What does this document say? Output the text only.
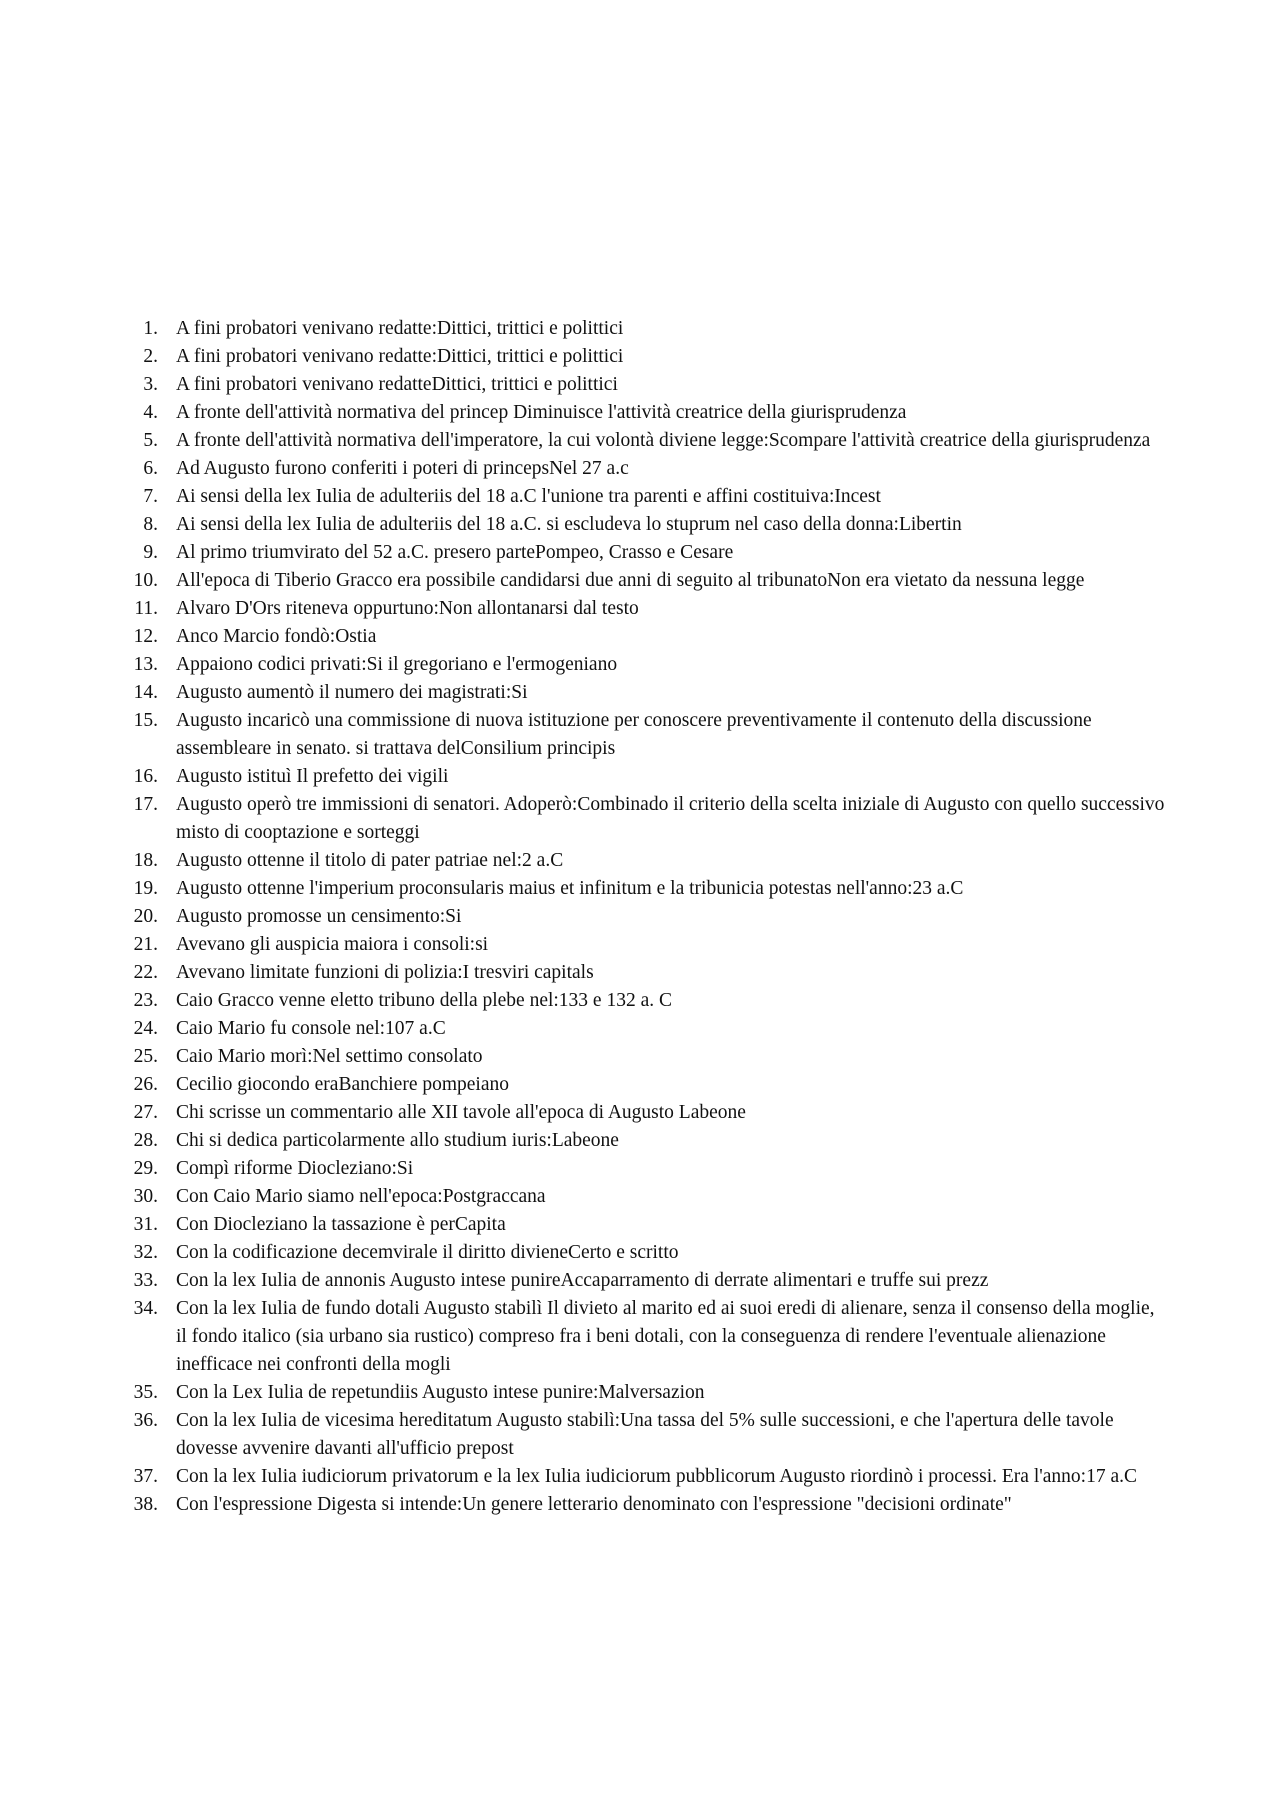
1. A fini probatori venivano redatte:Dittici, trittici e polittici
2. A fini probatori venivano redatte:Dittici, trittici e polittici
3. A fini probatori venivano redatteDittici, trittici e polittici
4. A fronte dell'attività normativa del princep Diminuisce l'attività creatrice della giurisprudenza
5. A fronte dell'attività normativa dell'imperatore, la cui volontà diviene legge:Scompare l'attività creatrice della giurisprudenza
6. Ad Augusto furono conferiti i poteri di princepsNel 27 a.c
7. Ai sensi della lex Iulia de adulteriis del 18 a.C l'unione tra parenti e affini costituiva:Incest
8. Ai sensi della lex Iulia de adulteriis del 18 a.C. si escludeva lo stuprum nel caso della donna:Libertin
9. Al primo triumvirato del 52 a.C. presero partePompeo, Crasso e Cesare
10. All'epoca di Tiberio Gracco era possibile candidarsi due anni di seguito al tribunatoNon era vietato da nessuna legge
11. Alvaro D'Ors riteneva oppurtuno:Non allontanarsi dal testo
12. Anco Marcio fondò:Ostia
13. Appaiono codici privati:Si il gregoriano e l'ermogeniano
14. Augusto aumentò il numero dei magistrati:Si
15. Augusto incaricò una commissione di nuova istituzione per conoscere preventivamente il contenuto della discussione assembleare in senato. si trattava delConsilium principis
16. Augusto istituì Il prefetto dei vigili
17. Augusto operò tre immissioni di senatori. Adoperò:Combinado il criterio della scelta iniziale di Augusto con quello successivo misto di cooptazione e sorteggi
18. Augusto ottenne il titolo di pater patriae nel:2 a.C
19. Augusto ottenne l'imperium proconsularis maius et infinitum e la tribunicia potestas nell'anno:23 a.C
20. Augusto promosse un censimento:Si
21. Avevano gli auspicia maiora i consoli:si
22. Avevano limitate funzioni di polizia:I tresviri capitals
23. Caio Gracco venne eletto tribuno della plebe nel:133 e 132 a. C
24. Caio Mario fu console nel:107 a.C
25. Caio Mario morì:Nel settimo consolato
26. Cecilio giocondo eraBanchiere pompeiano
27. Chi scrisse un commentario alle XII tavole all'epoca di Augusto Labeone
28. Chi si dedica particolarmente allo studium iuris:Labeone
29. Compì riforme Diocleziano:Si
30. Con Caio Mario siamo nell'epoca:Postgraccana
31. Con Diocleziano la tassazione è perCapita
32. Con la codificazione decemvirale il diritto divieneCerto e scritto
33. Con la lex Iulia de annonis Augusto intese punireAccaparramento di derrate alimentari e truffe sui prezz
34. Con la lex Iulia de fundo dotali Augusto stabilì Il divieto al marito ed ai suoi eredi di alienare, senza il consenso della moglie, il fondo italico (sia urbano sia rustico) compreso fra i beni dotali, con la conseguenza di rendere l'eventuale alienazione inefficace nei confronti della mogli
35. Con la Lex Iulia de repetundiis Augusto intese punire:Malversazion
36. Con la lex Iulia de vicesima hereditatum Augusto stabilì:Una tassa del 5% sulle successioni, e che l'apertura delle tavole dovesse avvenire davanti all'ufficio prepost
37. Con la lex Iulia iudiciorum privatorum e la lex Iulia iudiciorum pubblicorum Augusto riordinò i processi. Era l'anno:17 a.C
38. Con l'espressione Digesta si intende:Un genere letterario denominato con l'espressione "decisioni ordinate"
